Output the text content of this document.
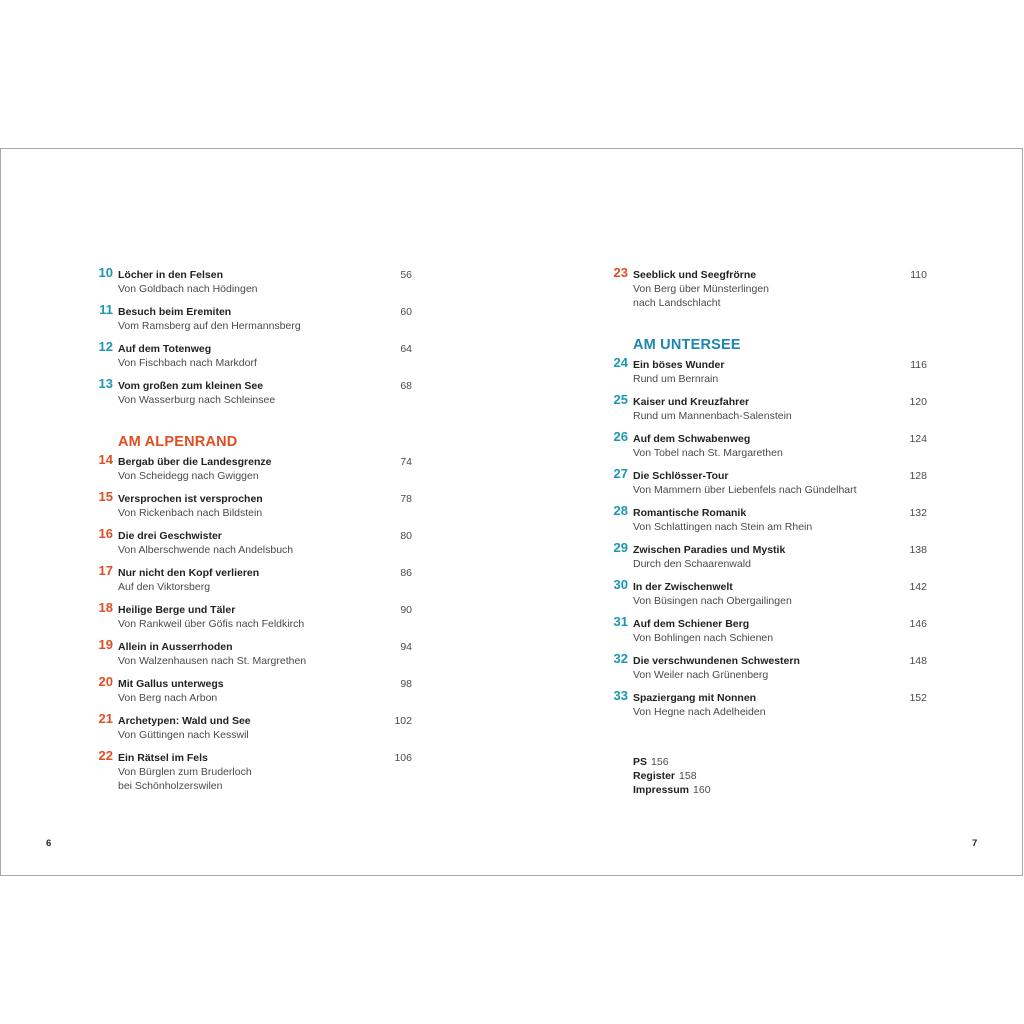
10 Löcher in den Felsen
Von Goldbach nach Hödingen
56
11 Besuch beim Eremiten
Vom Ramsberg auf den Hermannsberg
60
12 Auf dem Totenweg
Von Fischbach nach Markdorf
64
13 Vom großen zum kleinen See
Von Wasserburg nach Schleinsee
68
AM ALPENRAND
14 Bergab über die Landesgrenze
Von Scheidegg nach Gwiggen
74
15 Versprochen ist versprochen
Von Rickenbach nach Bildstein
78
16 Die drei Geschwister
Von Alberschwende nach Andelsbuch
80
17 Nur nicht den Kopf verlieren
Auf den Viktorsberg
86
18 Heilige Berge und Täler
Von Rankweil über Göfis nach Feldkirch
90
19 Allein in Ausserrhoden
Von Walzenhausen nach St. Margrethen
94
20 Mit Gallus unterwegs
Von Berg nach Arbon
98
21 Archetypen: Wald und See
Von Güttingen nach Kesswil
102
22 Ein Rätsel im Fels
Von Bürglen zum Bruderloch
bei Schönholzerswilen
106
23 Seeblick und Seegfrörne
Von Berg über Münsterlingen
nach Landschlacht
110
AM UNTERSEE
24 Ein böses Wunder
Rund um Bernrain
116
25 Kaiser und Kreuzfahrer
Rund um Mannenbach-Salenstein
120
26 Auf dem Schwabenweg
Von Tobel nach St. Margarethen
124
27 Die Schlösser-Tour
Von Mammern über Liebenfels nach Gündelhart
128
28 Romantische Romanik
Von Schlattingen nach Stein am Rhein
132
29 Zwischen Paradies und Mystik
Durch den Schaarenwald
138
30 In der Zwischenwelt
Von Büsingen nach Obergailingen
142
31 Auf dem Schiener Berg
Von Bohlingen nach Schienen
146
32 Die verschwundenen Schwestern
Von Weiler nach Grünenberg
148
33 Spaziergang mit Nonnen
Von Hegne nach Adelheiden
152
PS 156
Register 158
Impressum 160
6	7
